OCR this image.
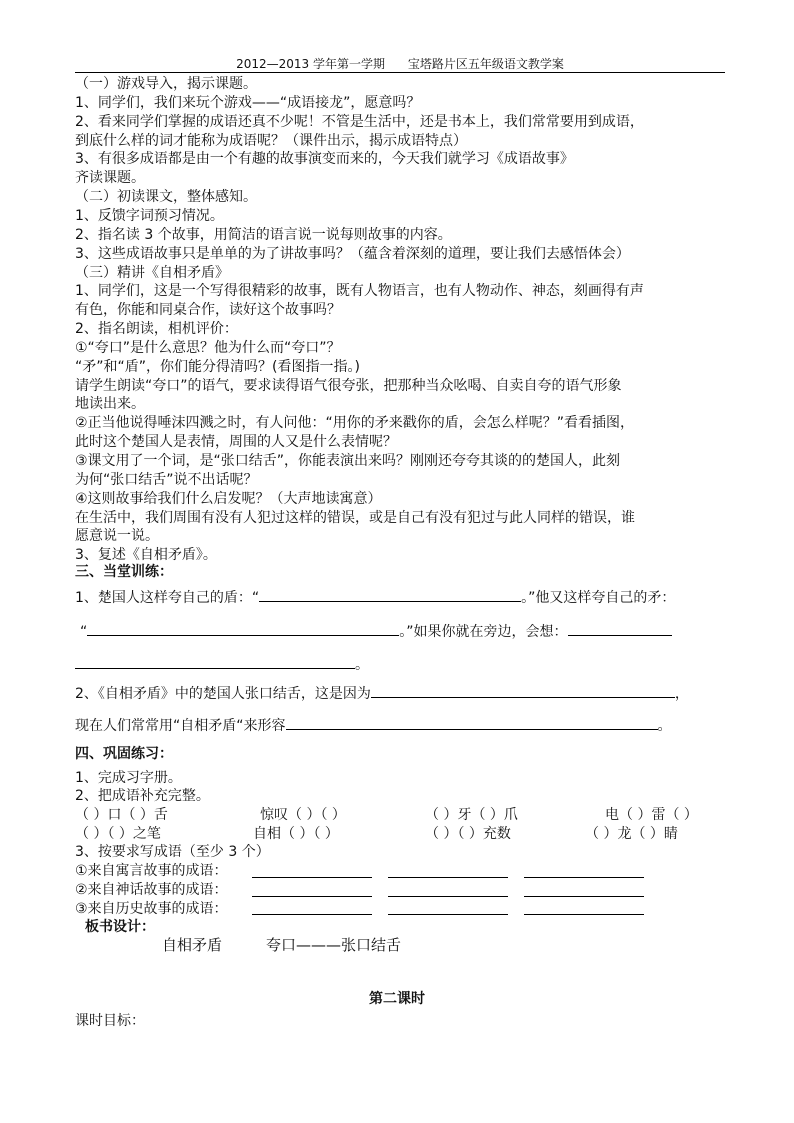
2012—2013 学年第一学期      宝塔路片区五年级语文教学案
（一）游戏导入，揭示课题。
1、同学们，我们来玩个游戏——“成语接龙”，愿意吗？
2、看来同学们掌握的成语还真不少呢！不管是生活中，还是书本上，我们常常要用到成语，
到底什么样的词才能称为成语呢？（课件出示，揭示成语特点）
3、有很多成语都是由一个有趣的故事演变而来的，今天我们就学习《成语故事》
齐读课题。
（二）初读课文，整体感知。
1、反馈字词预习情况。
2、指名读 3 个故事，用简洁的语言说一说每则故事的内容。
3、这些成语故事只是单单的为了讲故事吗？（蕴含着深刻的道理，要让我们去感悟体会）
（三）精讲《自相矛盾》
1、同学们，这是一个写得很精彩的故事，既有人物语言，也有人物动作、神态，刻画得有声
有色，你能和同桌合作，读好这个故事吗？
2、指名朗读，相机评价：
①“夸口”是什么意思？他为什么而“夸口”？
“矛”和“盾”，你们能分得清吗？(看图指一指。)
请学生朗读“夸口”的语气，要求读得语气很夸张，把那种当众吆喝、自卖自夸的语气形象
地读出来。
②正当他说得唾沫四溅之时，有人问他：“用你的矛来戳你的盾，会怎么样呢？”看看插图，
此时这个楚国人是表情，周围的人又是什么表情呢？
③课文用了一个词，是“张口结舌”，你能表演出来吗？刚刚还夸夸其谈的的楚国人，此刻
为何“张口结舌”说不出话呢？
④这则故事给我们什么启发呢？（大声地读寓意）
在生活中，我们周围有没有人犯过这样的错误，或是自己有没有犯过与此人同样的错误，谁
愿意说一说。
3、复述《自相矛盾》。
三、当堂训练：
1、楚国人这样夸自己的盾：“	。”他又这样夸自己的矛：
“	。”如果你就在旁边，会想：
。
2、《自相矛盾》中的楚国人张口结舌，这是因为	，
现在人们常常用“自相矛盾“来形容	。
四、巩固练习：
1、完成习字册。
2、把成语补充完整。
（ ）口（ ）舌	惊叹（ ）（ ）	（ ）牙（ ）爪	电（ ）雷（ ）
（ ）（ ）之笔	自相（ ）（ ）	（ ）（ ）充数	（ ）龙（ ）睛
3、按要求写成语（至少 3 个）
①来自寓言故事的成语：
②来自神话故事的成语：
③来自历史故事的成语：
板书设计：
自相矛盾	夸口———张口结舌
第二课时
课时目标：
